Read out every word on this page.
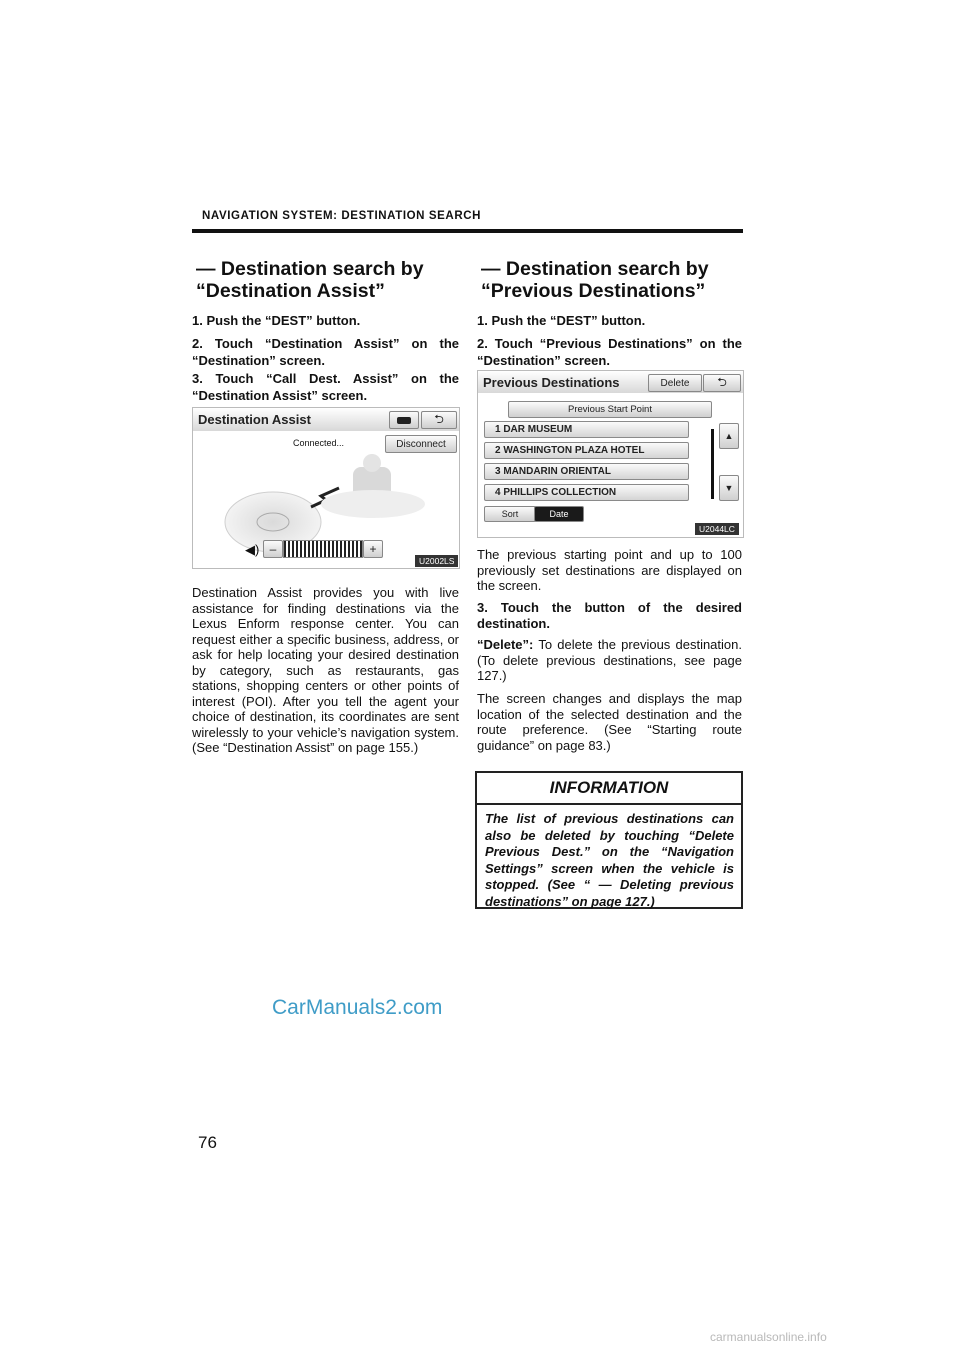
NAVIGATION SYSTEM: DESTINATION SEARCH
— Destination search by
“Destination Assist”
1. Push the “DEST” button.
2. Touch “Destination Assist” on the “Destination” screen.
3. Touch “Call Dest. Assist” on the “Destination Assist” screen.
Destination Assist	⮌
Connected...	Disconnect
◀) –	+
U2002LS
Destination Assist provides you with live assistance for finding destinations via the Lexus Enform response center. You can request either a specific business, address, or ask for help locating your desired destination by category, such as restaurants, gas stations, shopping centers or other points of interest (POI). After you tell the agent your choice of destination, its coordinates are sent wirelessly to your vehicle’s navigation system. (See “Destination Assist” on page 155.)
— Destination search by
“Previous Destinations”
1. Push the “DEST” button.
2. Touch “Previous Destinations” on the “Destination” screen.
Previous Destinations	Delete	⮌
Previous Start Point
1 DAR MUSEUM
2 WASHINGTON PLAZA HOTEL
3 MANDARIN ORIENTAL
4 PHILLIPS COLLECTION
▲
▼
Sort	Date
U2044LC
The previous starting point and up to 100 previously set destinations are displayed on the screen.
3. Touch the button of the desired destination.
“Delete”: To delete the previous destination. (To delete previous destinations, see page 127.)
The screen changes and displays the map location of the selected destination and the route preference. (See “Starting route guidance” on page 83.)
INFORMATION
The list of previous destinations can also be deleted by touching “Delete Previous Dest.” on the “Navigation Settings” screen when the vehicle is stopped. (See “ — Deleting previous destinations” on page 127.)
CarManuals2.com
76
carmanualsonline.info
